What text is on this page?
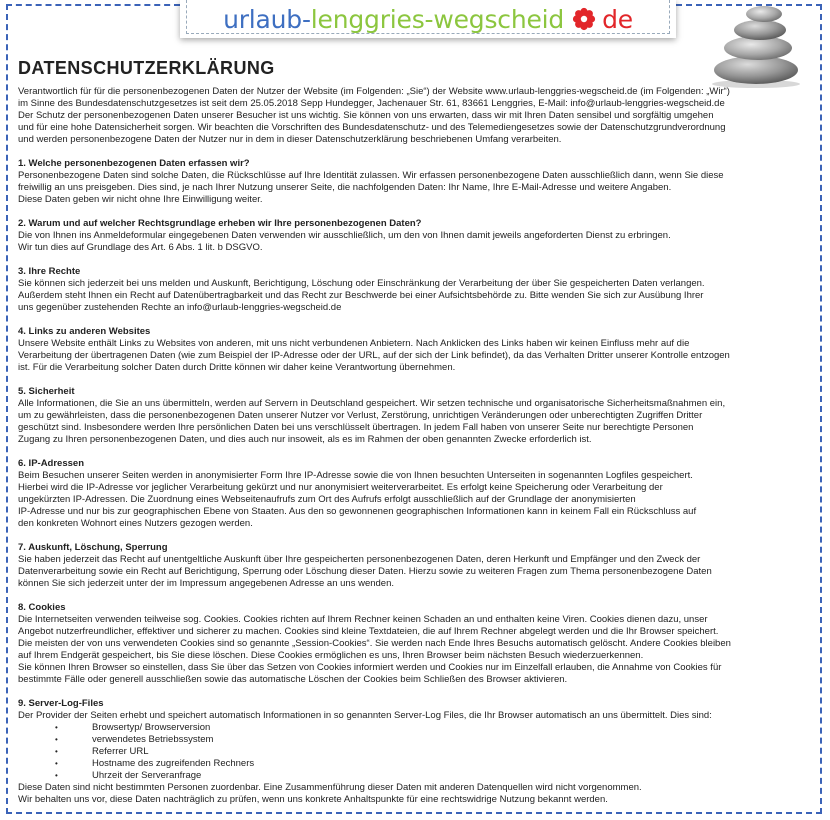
urlaub- lenggries-wegscheid de
DATENSCHUTZERKLÄRUNG

Verantwortlich für für die personenbezogenen Daten der Nutzer der Website (im Folgenden: „Sie“) der Website www.urlaub-lenggries-wegscheid.de (im Folgenden: „Wir“)

im Sinne des Bundesdatenschutzgesetzes ist seit dem 25.05.2018 Sepp Hundegger, Jachenauer Str. 61, 83661 Lenggries, E-Mail: info@urlaub-lenggries-wegscheid.de

Der Schutz der personenbezogenen Daten unserer Besucher ist uns wichtig. Sie können von uns erwarten, dass wir mit Ihren Daten sensibel und sorgfältig umgehen

und für eine hohe Datensicherheit sorgen. Wir beachten die Vorschriften des Bundesdatenschutz- und des Telemediengesetzes sowie der Datenschutzgrundverordnung

und werden personenbezogene Daten der Nutzer nur in dem in dieser Datenschutzerklärung beschriebenen Umfang verarbeiten.

1. Welche personenbezogenen Daten erfassen wir?

Personenbezogene Daten sind solche Daten, die Rückschlüsse auf Ihre Identität zulassen. Wir erfassen personenbezogene Daten ausschließlich dann, wenn Sie diese

freiwillig an uns preisgeben. Dies sind, je nach Ihrer Nutzung unserer Seite, die nachfolgenden Daten: Ihr Name, Ihre E-Mail-Adresse und weitere Angaben.

Diese Daten geben wir nicht ohne Ihre Einwilligung weiter.

2. Warum und auf welcher Rechtsgrundlage erheben wir Ihre personenbezogenen Daten?

Die von Ihnen ins Anmeldeformular eingegebenen Daten verwenden wir ausschließlich, um den von Ihnen damit jeweils angeforderten Dienst zu erbringen.

Wir tun dies auf Grundlage des Art. 6 Abs. 1 lit. b DSGVO.

3. Ihre Rechte

Sie können sich jederzeit bei uns melden und Auskunft, Berichtigung, Löschung oder Einschränkung der Verarbeitung der über Sie gespeicherten Daten verlangen.

Außerdem steht Ihnen ein Recht auf Datenübertragbarkeit und das Recht zur Beschwerde bei einer Aufsichtsbehörde zu. Bitte wenden Sie sich zur Ausübung Ihrer

uns gegenüber zustehenden Rechte an info@urlaub-lenggries-wegscheid.de

4. Links zu anderen Websites

Unsere Website enthält Links zu Websites von anderen, mit uns nicht verbundenen Anbietern. Nach Anklicken des Links haben wir keinen Einfluss mehr auf die

Verarbeitung der übertragenen Daten (wie zum Beispiel der IP-Adresse oder der URL, auf der sich der Link befindet), da das Verhalten Dritter unserer Kontrolle entzogen

ist. Für die Verarbeitung solcher Daten durch Dritte können wir daher keine Verantwortung übernehmen.

5. Sicherheit

Alle Informationen, die Sie an uns übermitteln, werden auf Servern in Deutschland gespeichert. Wir setzen technische und organisatorische Sicherheitsmaßnahmen ein,

um zu gewährleisten, dass die personenbezogenen Daten unserer Nutzer vor Verlust, Zerstörung, unrichtigen Veränderungen oder unberechtigten Zugriffen Dritter

geschützt sind. Insbesondere werden Ihre persönlichen Daten bei uns verschlüsselt übertragen. In jedem Fall haben von unserer Seite nur berechtigte Personen

Zugang zu Ihren personenbezogenen Daten, und dies auch nur insoweit, als es im Rahmen der oben genannten Zwecke erforderlich ist.

6. IP-Adressen

Beim Besuchen unserer Seiten werden in anonymisierter Form Ihre IP-Adresse sowie die von Ihnen besuchten Unterseiten in sogenannten Logfiles gespeichert.

Hierbei wird die IP-Adresse vor jeglicher Verarbeitung gekürzt und nur anonymisiert weiterverarbeitet. Es erfolgt keine Speicherung oder Verarbeitung der

ungekürzten IP-Adressen. Die Zuordnung eines Webseitenaufrufs zum Ort des Aufrufs erfolgt ausschließlich auf der Grundlage der anonymisierten

IP-Adresse und nur bis zur geographischen Ebene von Staaten. Aus den so gewonnenen geographischen Informationen kann in keinem Fall ein Rückschluss auf

den konkreten Wohnort eines Nutzers gezogen werden.

7. Auskunft, Löschung, Sperrung

Sie haben jederzeit das Recht auf unentgeltliche Auskunft über Ihre gespeicherten personenbezogenen Daten, deren Herkunft und Empfänger und den Zweck der

Datenverarbeitung sowie ein Recht auf Berichtigung, Sperrung oder Löschung dieser Daten. Hierzu sowie zu weiteren Fragen zum Thema personenbezogene Daten

können Sie sich jederzeit unter der im Impressum angegebenen Adresse an uns wenden.

8. Cookies

Die Internetseiten verwenden teilweise sog. Cookies. Cookies richten auf Ihrem Rechner keinen Schaden an und enthalten keine Viren. Cookies dienen dazu, unser

Angebot nutzerfreundlicher, effektiver und sicherer zu machen. Cookies sind kleine Textdateien, die auf Ihrem Rechner abgelegt werden und die Ihr Browser speichert.

Die meisten der von uns verwendeten Cookies sind so genannte „Session-Cookies“. Sie werden nach Ende Ihres Besuchs automatisch gelöscht. Andere Cookies bleiben

auf Ihrem Endgerät gespeichert, bis Sie diese löschen. Diese Cookies ermöglichen es uns, Ihren Browser beim nächsten Besuch wiederzuerkennen.

Sie können Ihren Browser so einstellen, dass Sie über das Setzen von Cookies informiert werden und Cookies nur im Einzelfall erlauben, die Annahme von Cookies für

bestimmte Fälle oder generell ausschließen sowie das automatische Löschen der Cookies beim Schließen des Browser aktivieren.

9. Server-Log-Files

Der Provider der Seiten erhebt und speichert automatisch Informationen in so genannten Server-Log Files, die Ihr Browser automatisch an uns übermittelt. Dies sind:

• Browsertyp/ Browserversion

• verwendetes Betriebssystem

• Referrer URL

• Hostname des zugreifenden Rechners

• Uhrzeit der Serveranfrage

Diese Daten sind nicht bestimmten Personen zuordenbar. Eine Zusammenführung dieser Daten mit anderen Datenquellen wird nicht vorgenommen.

Wir behalten uns vor, diese Daten nachträglich zu prüfen, wenn uns konkrete Anhaltspunkte für eine rechtswidrige Nutzung bekannt werden.
